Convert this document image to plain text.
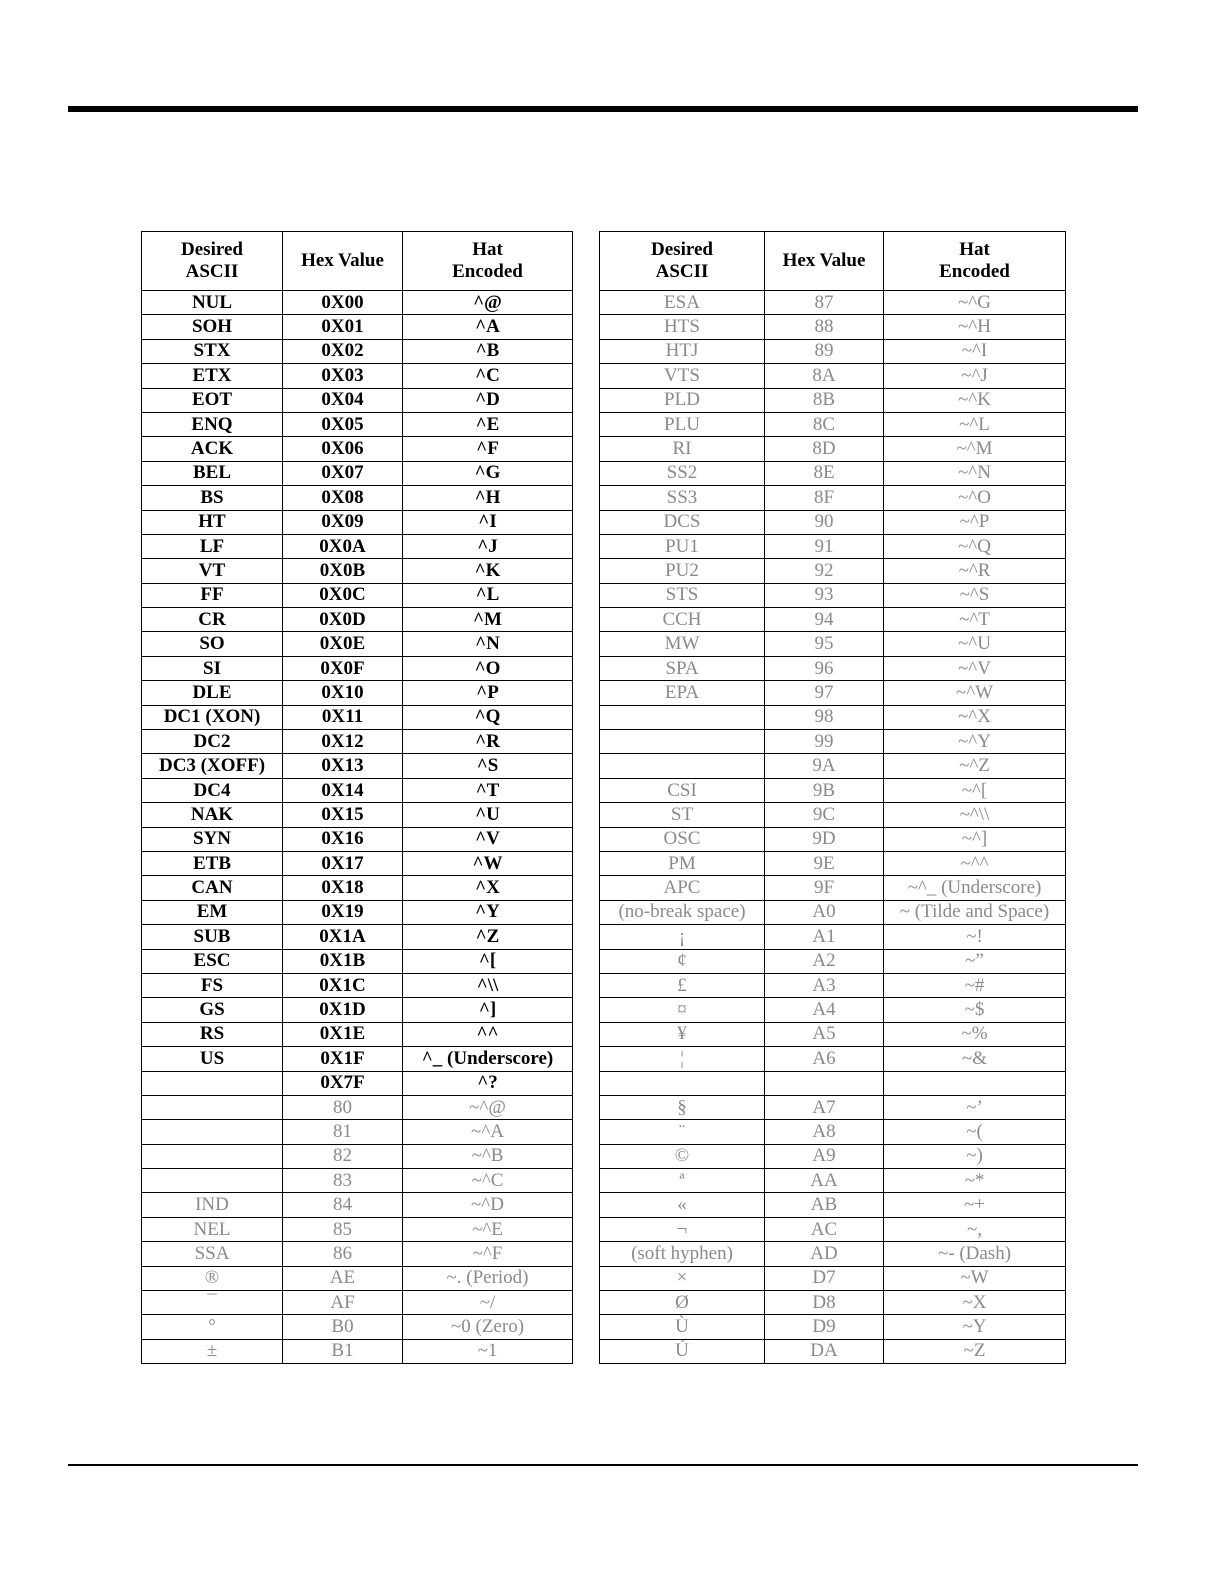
Desired
ASCII	Hex Value	Hat
Encoded

NUL	0X00	^@
SOH	0X01	^A
STX	0X02	^B
ETX	0X03	^C
EOT	0X04	^D
ENQ	0X05	^E
ACK	0X06	^F
BEL	0X07	^G
BS	0X08	^H
HT	0X09	^I
LF	0X0A	^J
VT	0X0B	^K
FF	0X0C	^L
CR	0X0D	^M
SO	0X0E	^N
SI	0X0F	^O
DLE	0X10	^P
DC1 (XON)	0X11	^Q
DC2	0X12	^R
DC3 (XOFF)	0X13	^S
DC4	0X14	^T
NAK	0X15	^U
SYN	0X16	^V
ETB	0X17	^W
CAN	0X18	^X
EM	0X19	^Y
SUB	0X1A	^Z
ESC	0X1B	^[
FS	0X1C	^\\
GS	0X1D	^]
RS	0X1E	^^
US	0X1F	^_ (Underscore)
	0X7F	^?
	80	~^@
	81	~^A
	82	~^B
	83	~^C
IND	84	~^D
NEL	85	~^E
SSA	86	~^F
®	AE	~. (Period)
¯	AF	~/
°	B0	~0 (Zero)
±	B1	~1
Desired
ASCII	Hex Value	Hat
Encoded

ESA	87	~^G
HTS	88	~^H
HTJ	89	~^I
VTS	8A	~^J
PLD	8B	~^K
PLU	8C	~^L
RI	8D	~^M
SS2	8E	~^N
SS3	8F	~^O
DCS	90	~^P
PU1	91	~^Q
PU2	92	~^R
STS	93	~^S
CCH	94	~^T
MW	95	~^U
SPA	96	~^V
EPA	97	~^W
	98	~^X
	99	~^Y
	9A	~^Z
CSI	9B	~^[
ST	9C	~^\\
OSC	9D	~^]
PM	9E	~^^
APC	9F	~^_ (Underscore)
(no-break space)	A0	~ (Tilde and Space)
¡	A1	~!
¢	A2	~”
£	A3	~#
¤	A4	~$
¥	A5	~%
¦	A6	~&

§	A7	~’
¨	A8	~(
©	A9	~)
ª	AA	~*
«	AB	~+
¬	AC	~,
(soft hyphen)	AD	~- (Dash)
×	D7	~W
Ø	D8	~X
Ù	D9	~Y
Ú	DA	~Z
